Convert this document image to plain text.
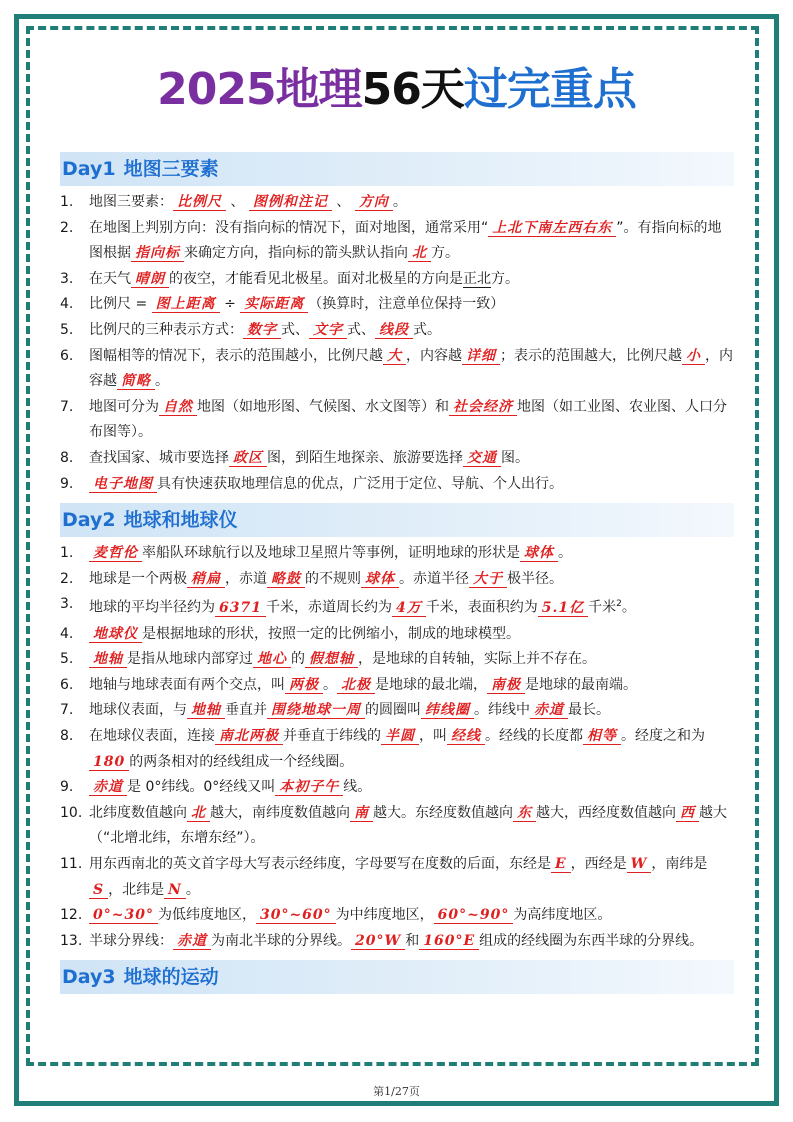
2025地理56天过完重点
Day1 地图三要素
1. 地图三要素： 比例尺 、 图例和注记 、 方向 。
2. 在地图上判别方向：没有指向标的情况下，面对地图，通常采用“ 上北下南左西右东 ”。有指向标的地图根据 指向标 来确定方向，指向标的箭头默认指向 北 方。
3. 在天气 晴朗 的夜空，才能看见北极星。面对北极星的方向是正北方。
4. 比例尺 = 图上距离 ÷ 实际距离 （换算时，注意单位保持一致）
5. 比例尺的三种表示方式： 数字 式、 文字 式、 线段 式。
6. 图幅相等的情况下，表示的范围越小，比例尺越 大 ，内容越 详细 ；表示的范围越大，比例尺越 小 ，内容越 简略 。
7. 地图可分为 自然 地图（如地形图、气候图、水文图等）和 社会经济 地图（如工业图、农业图、人口分布图等）。
8. 查找国家、城市要选择 政区 图，到陌生地探亲、旅游要选择 交通 图。
9. 电子地图 具有快速获取地理信息的优点，广泛用于定位、导航、个人出行。
Day2 地球和地球仪
1. 麦哲伦 率船队环球航行以及地球卫星照片等事例，证明地球的形状是 球体 。
2. 地球是一个两极 稍扁 ，赤道 略鼓 的不规则 球体 。赤道半径 大于 极半径。
3. 地球的平均半径约为 6371 千米，赤道周长约为 4万 千米，表面积约为 5.1亿 千米$^2$。
4. 地球仪 是根据地球的形状，按照一定的比例缩小，制成的地球模型。
5. 地轴 是指从地球内部穿过 地心 的 假想轴 ，是地球的自转轴，实际上并不存在。
6. 地轴与地球表面有两个交点，叫 两极 。 北极 是地球的最北端， 南极 是地球的最南端。
7. 地球仪表面，与 地轴 垂直并 围绕地球一周 的圆圈叫 纬线圈 。纬线中 赤道 最长。
8. 在地球仪表面，连接 南北两极 并垂直于纬线的 半圆 ，叫 经线 。经线的长度都 相等 。经度之和为180 的两条相对的经线组成一个经线圈。
9. 赤道 是 0°纬线。0°经线又叫 本初子午 线。
10. 北纬度数值越向 北 越大，南纬度数值越向 南 越大。东经度数值越向 东 越大，西经度数值越向 西 越大（“北增北纬，东增东经”）。
11. 用东西南北的英文首字母大写表示经纬度，字母要写在度数的后面，东经是 E ，西经是 W ，南纬是S ，北纬是 N 。
12. 0°~30° 为低纬度地区， 30°~60° 为中纬度地区， 60°~90° 为高纬度地区。
13. 半球分界线： 赤道 为南北半球的分界线。 20°W 和 160°E 组成的经线圈为东西半球的分界线。
Day3 地球的运动
第1/27页
